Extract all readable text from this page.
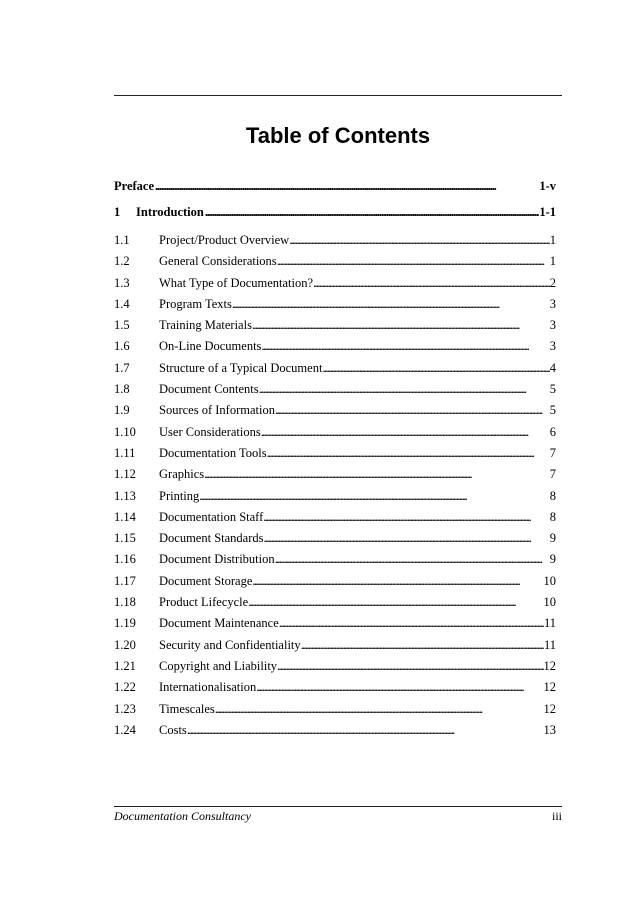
Table of Contents
Preface . . .	1-v
1	Introduction . . .	1-1
1.1	Project/Product Overview . . .	1
1.2	General Considerations . . .	1
1.3	What Type of Documentation? . . .	2
1.4	Program Texts . . .	3
1.5	Training Materials . . .	3
1.6	On-Line Documents . . .	3
1.7	Structure of a Typical Document . . .	4
1.8	Document Contents . . .	5
1.9	Sources of Information . . .	5
1.10	User Considerations . . .	6
1.11	Documentation Tools . . .	7
1.12	Graphics . . .	7
1.13	Printing . . .	8
1.14	Documentation Staff . . .	8
1.15	Document Standards . . .	9
1.16	Document Distribution . . .	9
1.17	Document Storage . . .	10
1.18	Product Lifecycle . . .	10
1.19	Document Maintenance . . .	11
1.20	Security and Confidentiality . . .	11
1.21	Copyright and Liability . . .	12
1.22	Internationalisation . . .	12
1.23	Timescales . . .	12
1.24	Costs . . .	13
Documentation Consultancy	iii
